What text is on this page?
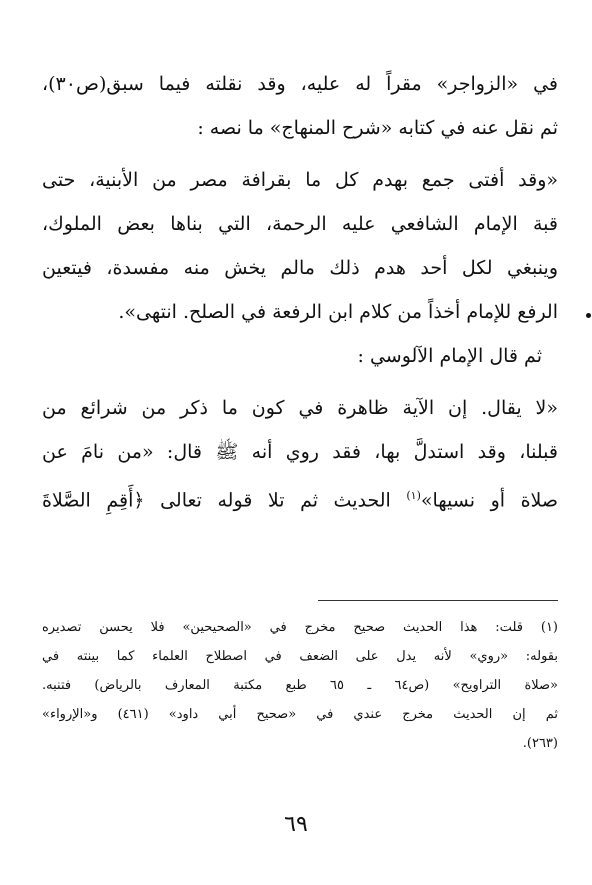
في «الزواجر» مقراً له عليه، وقد نقلته فيما سبق(ص٣٠)،
ثم نقل عنه في كتابه «شرح المنهاج» ما نصه :
«وقد أفتى جمع بهدم كل ما بقرافة مصر من الأبنية، حتى
قبة الإمام الشافعي عليه الرحمة، التي بناها بعض الملوك،
وينبغي لكل أحد هدم ذلك مالم يخش منه مفسدة، فيتعين
الرفع للإمام أخذاً من كلام ابن الرفعة في الصلح. انتهى».
ثم قال الإمام الآلوسي :
«لا يقال. إن الآية ظاهرة في كون ما ذكر من شرائع من
قبلنا، وقد استدلَّ بها، فقد روي أنه ﷺ قال: «من نامَ عن
صلاة أو نسيها»$^{(١)}$ الحديث ثم تلا قوله تعالى ﴿أَقِمِ الصَّلاةَ
(١) قلت: هذا الحديث صحيح مخرج في «الصحيحين» فلا يحسن تصديره
بقوله: «روي» لأنه يدل على الضعف في اصطلاح العلماء كما بينته في
«صلاة التراويح» (ص٦٤ ـ ٦٥ طبع مكتبة المعارف بالرياض) فتنبه.
ثم إن الحديث مخرج عندي في «صحيح أبي داود» (٤٦١) و«الإرواء»
(٢٦٣).
٦٩
